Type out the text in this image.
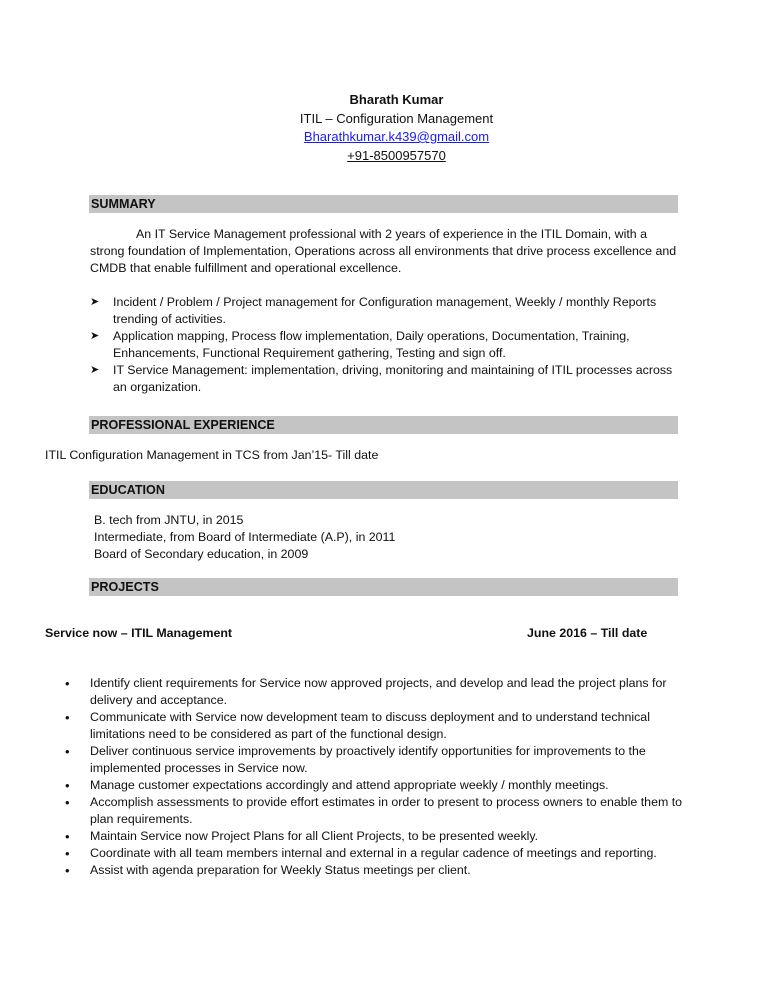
Bharath Kumar
ITIL – Configuration Management
Bharathkumar.k439@gmail.com
+91-8500957570
SUMMARY
An IT Service Management professional with 2 years of experience in the ITIL Domain, with a strong foundation of Implementation, Operations across all environments that drive process excellence and CMDB that enable fulfillment and operational excellence.
➤ Incident / Problem / Project management for Configuration management, Weekly / monthly Reports trending of activities.
➤ Application mapping, Process flow implementation, Daily operations, Documentation, Training, Enhancements, Functional Requirement gathering, Testing and sign off.
➤ IT Service Management: implementation, driving, monitoring and maintaining of ITIL processes across an organization.
PROFESSIONAL EXPERIENCE
ITIL Configuration Management in TCS from Jan’15- Till date
EDUCATION
B. tech from JNTU, in 2015
Intermediate, from Board of Intermediate (A.P), in 2011
Board of Secondary education, in 2009
PROJECTS
Service now – ITIL Management	June 2016 – Till date
• Identify client requirements for Service now approved projects, and develop and lead the project plans for delivery and acceptance.
• Communicate with Service now development team to discuss deployment and to understand technical limitations need to be considered as part of the functional design.
• Deliver continuous service improvements by proactively identify opportunities for improvements to the implemented processes in Service now.
• Manage customer expectations accordingly and attend appropriate weekly / monthly meetings.
• Accomplish assessments to provide effort estimates in order to present to process owners to enable them to plan requirements.
• Maintain Service now Project Plans for all Client Projects, to be presented weekly.
• Coordinate with all team members internal and external in a regular cadence of meetings and reporting.
• Assist with agenda preparation for Weekly Status meetings per client.
